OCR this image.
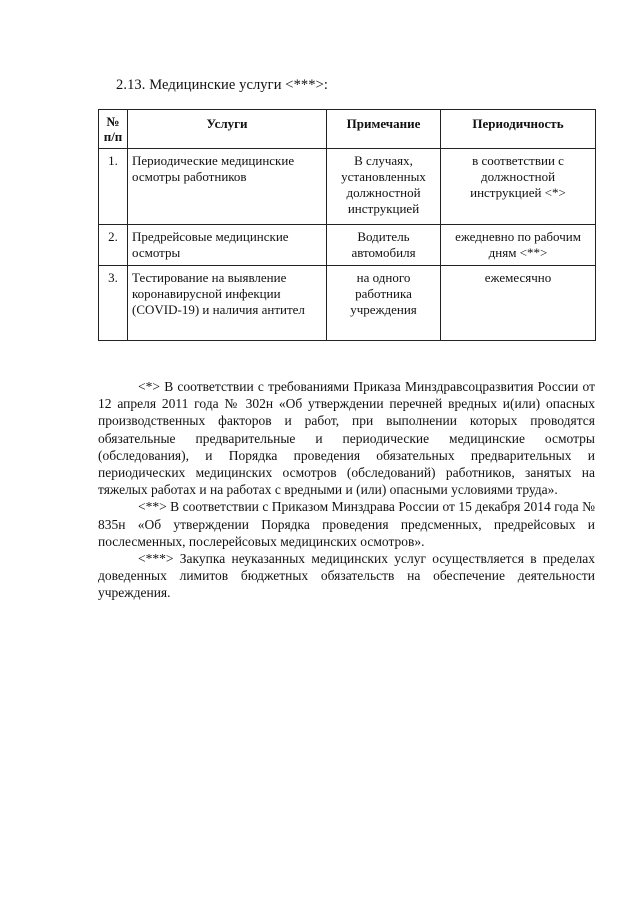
2.13. Медицинские услуги <***>:
№
п/п	Услуги	Примечание	Периодичность
1.	Периодические медицинские осмотры работников	В случаях, установленных должностной инструкцией	в соответствии с должностной инструкцией <*>
2.	Предрейсовые медицинские осмотры	Водитель автомобиля	ежедневно по рабочим дням <**>
3.	Тестирование на выявление коронавирусной инфекции (COVID-19) и наличия антител	на одного работника учреждения	ежемесячно

<*> В соответствии с требованиями Приказа Минздравсоцразвития России от 12 апреля 2011 года № 302н «Об утверждении перечней вредных и(или) опасных производственных факторов и работ, при выполнении которых проводятся обязательные предварительные и периодические медицинские осмотры (обследования), и Порядка проведения обязательных предварительных и периодических медицинских осмотров (обследований) работников, занятых на тяжелых работах и на работах с вредными и (или) опасными условиями труда».

<**> В соответствии с Приказом Минздрава России от 15 декабря 2014 года № 835н «Об утверждении Порядка проведения предсменных, предрейсовых и послесменных, послерейсовых медицинских осмотров».

<***> Закупка неуказанных медицинских услуг осуществляется в пределах доведенных лимитов бюджетных обязательств на обеспечение деятельности учреждения.
